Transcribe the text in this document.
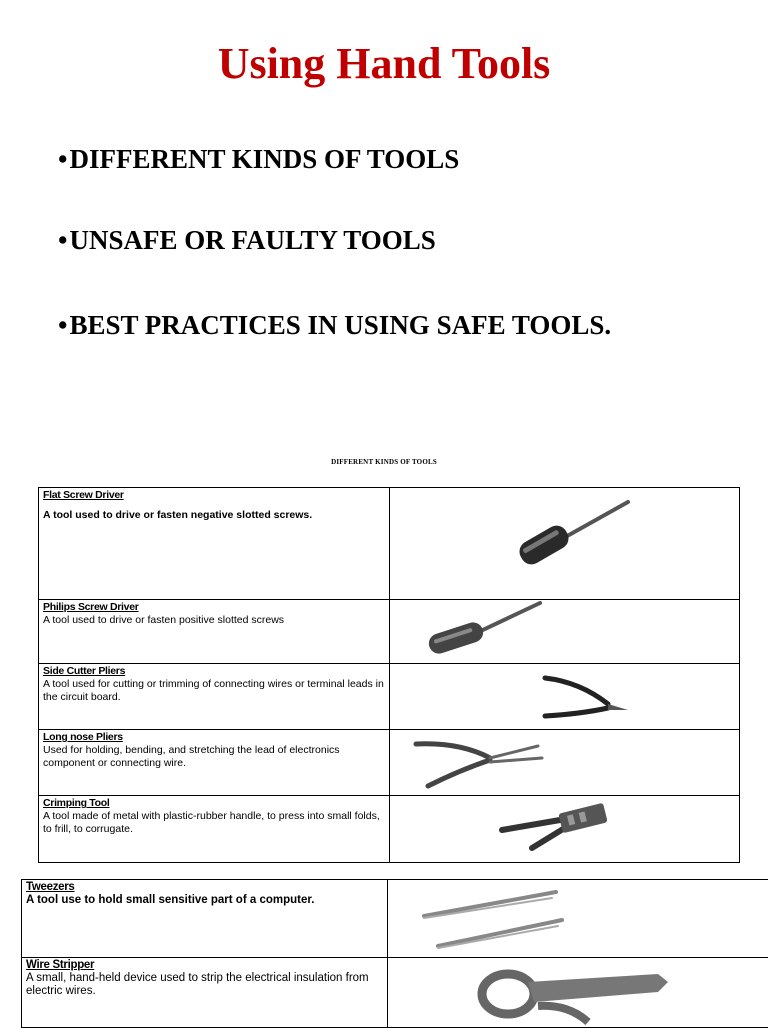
Using Hand Tools
•DIFFERENT KINDS OF TOOLS
•UNSAFE OR FAULTY TOOLS
•BEST PRACTICES IN USING SAFE TOOLS.
DIFFERENT KINDS OF TOOLS
Flat Screw Driver
A tool used to drive or fasten negative slotted screws.

Philips Screw Driver
A tool used to drive or fasten positive slotted screws

Side Cutter Pliers
A tool used for cutting or trimming of connecting wires or terminal leads in the circuit board.

Long nose Pliers
Used for holding, bending, and stretching the lead of electronics component or connecting wire.

Crimping Tool
A tool made of metal with plastic-rubber handle, to press into small folds, to frill, to corrugate.

Tweezers
A tool use to hold small sensitive part of a computer.

Wire Stripper
A small, hand-held device used to strip the electrical insulation from electric wires.
